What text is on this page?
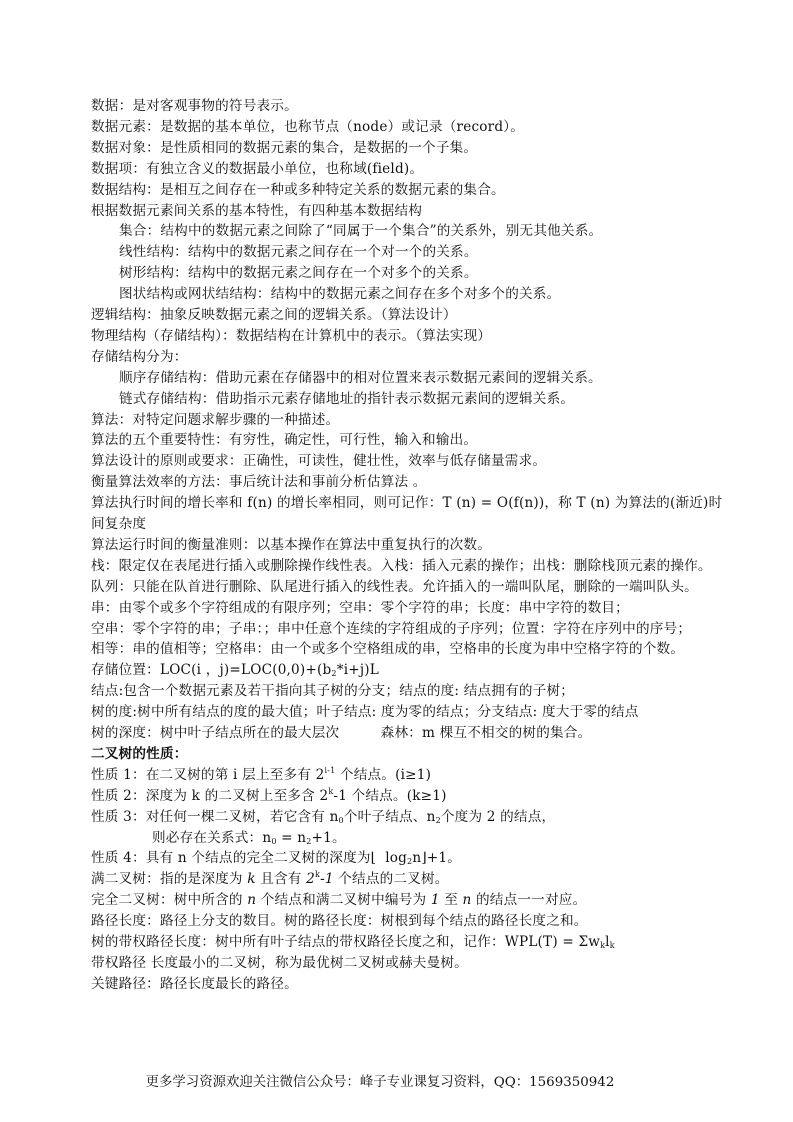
数据：是对客观事物的符号表示。
数据元素：是数据的基本单位，也称节点（node）或记录（record）。
数据对象：是性质相同的数据元素的集合，是数据的一个子集。
数据项：有独立含义的数据最小单位，也称域(field)。
数据结构：是相互之间存在一种或多种特定关系的数据元素的集合。
根据数据元素间关系的基本特性，有四种基本数据结构
集合：结构中的数据元素之间除了“同属于一个集合”的关系外，别无其他关系。
线性结构：结构中的数据元素之间存在一个对一个的关系。
树形结构：结构中的数据元素之间存在一个对多个的关系。
图状结构或网状结结构：结构中的数据元素之间存在多个对多个的关系。
逻辑结构：抽象反映数据元素之间的逻辑关系。（算法设计）
物理结构（存储结构）：数据结构在计算机中的表示。（算法实现）
存储结构分为：
顺序存储结构：借助元素在存储器中的相对位置来表示数据元素间的逻辑关系。
链式存储结构：借助指示元素存储地址的指针表示数据元素间的逻辑关系。
算法：对特定问题求解步骤的一种描述。
算法的五个重要特性：有穷性，确定性，可行性，输入和输出。
算法设计的原则或要求：正确性，可读性，健壮性，效率与低存储量需求。
衡量算法效率的方法：事后统计法和事前分析估算法 。
算法执行时间的增长率和 f(n) 的增长率相同，则可记作：T (n) = O(f(n))，称 T (n) 为算法的(渐近)时
间复杂度
算法运行时间的衡量准则：以基本操作在算法中重复执行的次数。
栈：限定仅在表尾进行插入或删除操作线性表。入栈：插入元素的操作；出栈：删除栈顶元素的操作。
队列：只能在队首进行删除、队尾进行插入的线性表。允许插入的一端叫队尾，删除的一端叫队头。
串：由零个或多个字符组成的有限序列；空串：零个字符的串；长度：串中字符的数目；
空串：零个字符的串；子串：；串中任意个连续的字符组成的子序列；位置：字符在序列中的序号；
相等：串的值相等；空格串：由一个或多个空格组成的串，空格串的长度为串中空格字符的个数。
存储位置：LOC(i ，$j)=LOC(0,0)+(b_2*i+j)L$
结点:包含一个数据元素及若干指向其子树的分支；结点的度: 结点拥有的子树；
树的度:树中所有结点的度的最大值；叶子结点: 度为零的结点；分支结点: 度大于零的结点
树的深度：树中叶子结点所在的最大层次　　　森林：m 棵互不相交的树的集合。
二叉树的性质：
性质 1：在二叉树的第 i 层上至多有 2$^{i-1}$ 个结点。(i≥1)
性质 2：深度为 k 的二叉树上至多含 2$^k$-1 个结点。(k≥1)
性质 3：对任何一棵二叉树，若它含有 $n_0$个叶子结点、$n_2$个度为 2 的结点，
则必存在关系式：$n_0 = n_2+1$。
性质 4：具有 n 个结点的完全二叉树的深度为⌊  $\log_2n⌋+1$。
满二叉树：指的是深度为 k 且含有 2$^k$-1 个结点的二叉树。
完全二叉树：树中所含的 n 个结点和满二叉树中编号为 1 至 n 的结点一一对应。
路径长度：路径上分支的数目。树的路径长度：树根到每个结点的路径长度之和。
树的带权路径长度：树中所有叶子结点的带权路径长度之和，记作：$WPL(T) = \Sigma w_kl_k$
带权路径 长度最小的二叉树，称为最优树二叉树或赫夫曼树。
关键路径：路径长度最长的路径。
更多学习资源欢迎关注微信公众号：峰子专业课复习资料，QQ：1569350942
